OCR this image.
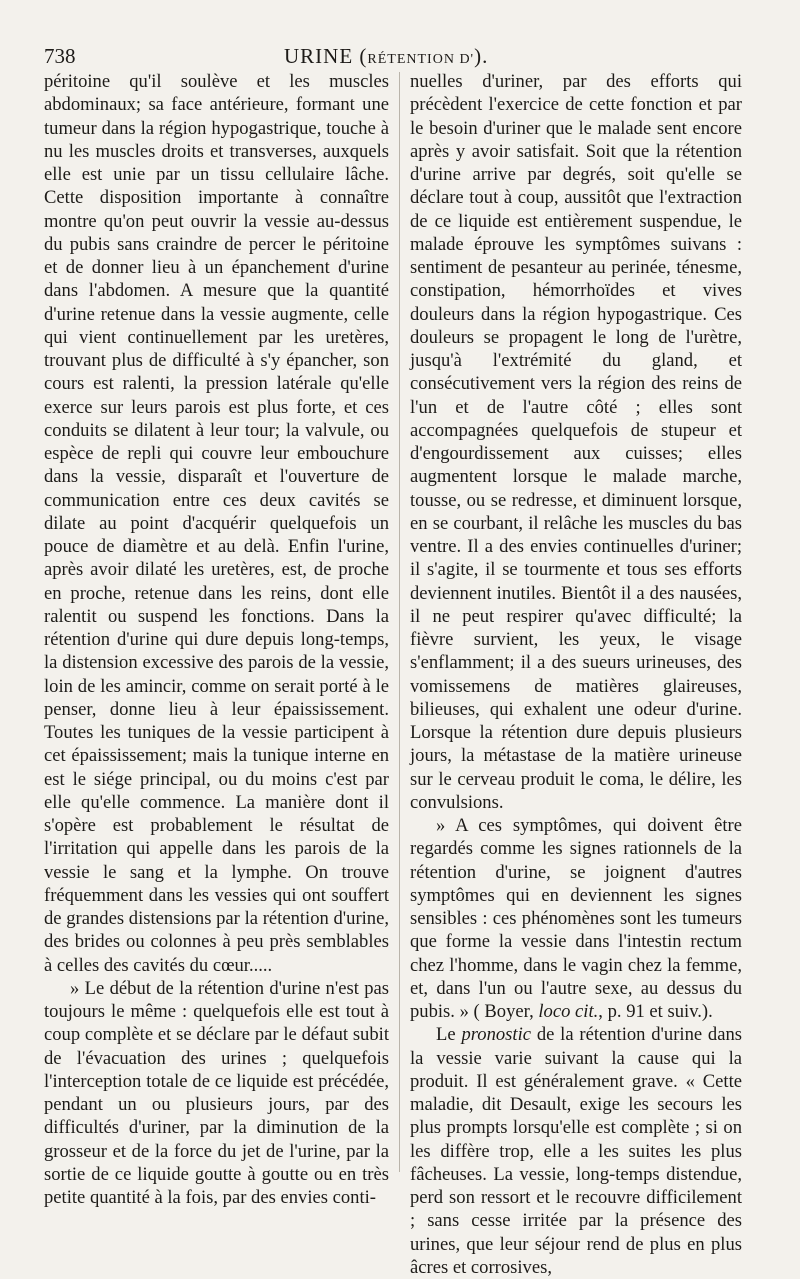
738	URINE (RÉTENTION D').

péritoine qu'il soulève et les muscles abdominaux; sa face antérieure, formant une tumeur dans la région hypogastrique, touche à nu les muscles droits et transverses, auxquels elle est unie par un tissu cellulaire lâche. Cette disposition importante à connaître montre qu'on peut ouvrir la vessie au-dessus du pubis sans craindre de percer le péritoine et de donner lieu à un épanchement d'urine dans l'abdomen. A mesure que la quantité d'urine retenue dans la vessie augmente, celle qui vient continuellement par les uretères, trouvant plus de difficulté à s'y épancher, son cours est ralenti, la pression latérale qu'elle exerce sur leurs parois est plus forte, et ces conduits se dilatent à leur tour; la valvule, ou espèce de repli qui couvre leur embouchure dans la vessie, disparaît et l'ouverture de communication entre ces deux cavités se dilate au point d'acquérir quelquefois un pouce de diamètre et au delà. Enfin l'urine, après avoir dilaté les uretères, est, de proche en proche, retenue dans les reins, dont elle ralentit ou suspend les fonctions. Dans la rétention d'urine qui dure depuis long-temps, la distension excessive des parois de la vessie, loin de les amincir, comme on serait porté à le penser, donne lieu à leur épaississement. Toutes les tuniques de la vessie participent à cet épaississement; mais la tunique interne en est le siége principal, ou du moins c'est par elle qu'elle commence. La manière dont il s'opère est probablement le résultat de l'irritation qui appelle dans les parois de la vessie le sang et la lymphe. On trouve fréquemment dans les vessies qui ont souffert de grandes distensions par la rétention d'urine, des brides ou colonnes à peu près semblables à celles des cavités du cœur.....

» Le début de la rétention d'urine n'est pas toujours le même : quelquefois elle est tout à coup complète et se déclare par le défaut subit de l'évacuation des urines ; quelquefois l'interception totale de ce liquide est précédée, pendant un ou plusieurs jours, par des difficultés d'uriner, par la diminution de la grosseur et de la force du jet de l'urine, par la sortie de ce liquide goutte à goutte ou en très petite quantité à la fois, par des envies conti-

nuelles d'uriner, par des efforts qui précèdent l'exercice de cette fonction et par le besoin d'uriner que le malade sent encore après y avoir satisfait. Soit que la rétention d'urine arrive par degrés, soit qu'elle se déclare tout à coup, aussitôt que l'extraction de ce liquide est entièrement suspendue, le malade éprouve les symptômes suivans : sentiment de pesanteur au perinée, ténesme, constipation, hémorrhoïdes et vives douleurs dans la région hypogastrique. Ces douleurs se propagent le long de l'urètre, jusqu'à l'extrémité du gland, et consécutivement vers la région des reins de l'un et de l'autre côté ; elles sont accompagnées quelquefois de stupeur et d'engourdissement aux cuisses; elles augmentent lorsque le malade marche, tousse, ou se redresse, et diminuent lorsque, en se courbant, il relâche les muscles du bas ventre. Il a des envies continuelles d'uriner; il s'agite, il se tourmente et tous ses efforts deviennent inutiles. Bientôt il a des nausées, il ne peut respirer qu'avec difficulté; la fièvre survient, les yeux, le visage s'enflamment; il a des sueurs urineuses, des vomissemens de matières glaireuses, bilieuses, qui exhalent une odeur d'urine. Lorsque la rétention dure depuis plusieurs jours, la métastase de la matière urineuse sur le cerveau produit le coma, le délire, les convulsions.

» A ces symptômes, qui doivent être regardés comme les signes rationnels de la rétention d'urine, se joignent d'autres symptômes qui en deviennent les signes sensibles : ces phénomènes sont les tumeurs que forme la vessie dans l'intestin rectum chez l'homme, dans le vagin chez la femme, et, dans l'un ou l'autre sexe, au dessus du pubis. » ( Boyer, loco cit., p. 91 et suiv.).

Le pronostic de la rétention d'urine dans la vessie varie suivant la cause qui la produit. Il est généralement grave. « Cette maladie, dit Desault, exige les secours les plus prompts lorsqu'elle est complète ; si on les diffère trop, elle a les suites les plus fâcheuses. La vessie, long-temps distendue, perd son ressort et le recouvre difficilement ; sans cesse irritée par la présence des urines, que leur séjour rend de plus en plus âcres et corrosives,
